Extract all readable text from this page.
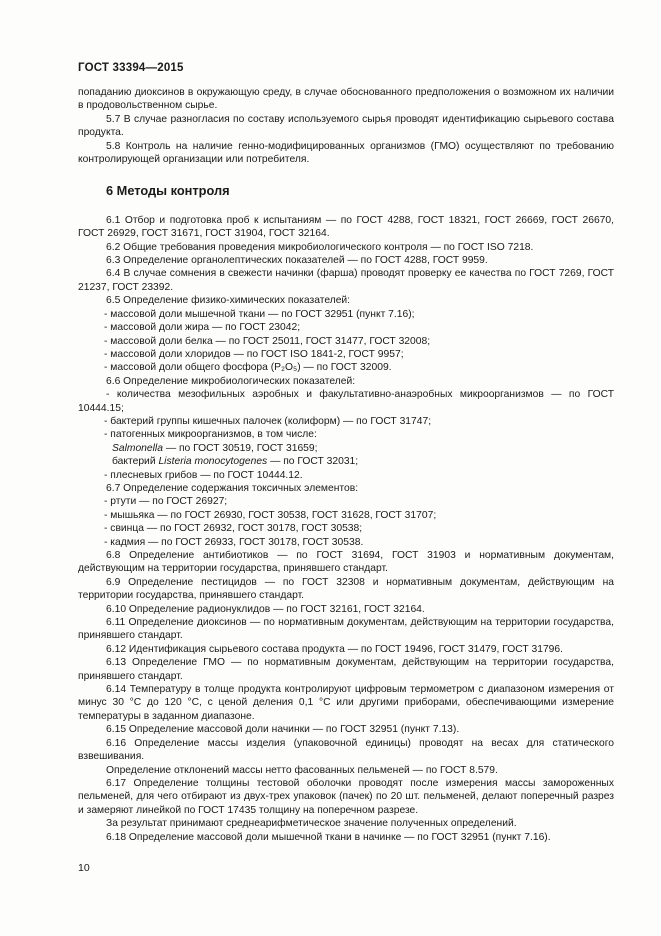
ГОСТ 33394—2015

попаданию диоксинов в окружающую среду, в случае обоснованного предположения о возможном их наличии в продовольственном сырье.

5.7 В случае разногласия по составу используемого сырья проводят идентификацию сырьевого состава продукта.

5.8 Контроль на наличие генно-модифицированных организмов (ГМО) осуществляют по требованию контролирующей организации или потребителя.

6 Методы контроля

6.1 Отбор и подготовка проб к испытаниям — по ГОСТ 4288, ГОСТ 18321, ГОСТ 26669, ГОСТ 26670, ГОСТ 26929, ГОСТ 31671, ГОСТ 31904, ГОСТ 32164.

6.2 Общие требования проведения микробиологического контроля — по ГОСТ ISO 7218.

6.3 Определение органолептических показателей — по ГОСТ 4288, ГОСТ 9959.

6.4 В случае сомнения в свежести начинки (фарша) проводят проверку ее качества по ГОСТ 7269, ГОСТ 21237, ГОСТ 23392.

6.5 Определение физико-химических показателей:

- массовой доли мышечной ткани — по ГОСТ 32951 (пункт 7.16);

- массовой доли жира — по ГОСТ 23042;

- массовой доли белка — по ГОСТ 25011, ГОСТ 31477, ГОСТ 32008;

- массовой доли хлоридов — по ГОСТ ISO 1841-2, ГОСТ 9957;

- массовой доли общего фосфора (P₂O₅) — по ГОСТ 32009.

6.6 Определение микробиологических показателей:

- количества мезофильных аэробных и факультативно-анаэробных микроорганизмов — по ГОСТ 10444.15;

- бактерий группы кишечных палочек (колиформ) — по ГОСТ 31747;

- патогенных микроорганизмов, в том числе:

Salmonella — по ГОСТ 30519, ГОСТ 31659;

бактерий Listeria monocytogenes — по ГОСТ 32031;

- плесневых грибов — по ГОСТ 10444.12.

6.7 Определение содержания токсичных элементов:

- ртути — по ГОСТ 26927;

- мышьяка — по ГОСТ 26930, ГОСТ 30538, ГОСТ 31628, ГОСТ 31707;

- свинца — по ГОСТ 26932, ГОСТ 30178, ГОСТ 30538;

- кадмия — по ГОСТ 26933, ГОСТ 30178, ГОСТ 30538.

6.8 Определение антибиотиков — по ГОСТ 31694, ГОСТ 31903 и нормативным документам, действующим на территории государства, принявшего стандарт.

6.9 Определение пестицидов — по ГОСТ 32308 и нормативным документам, действующим на территории государства, принявшего стандарт.

6.10 Определение радионуклидов — по ГОСТ 32161, ГОСТ 32164.

6.11 Определение диоксинов — по нормативным документам, действующим на территории государства, принявшего стандарт.

6.12 Идентификация сырьевого состава продукта — по ГОСТ 19496, ГОСТ 31479, ГОСТ 31796.

6.13 Определение ГМО — по нормативным документам, действующим на территории государства, принявшего стандарт.

6.14 Температуру в толще продукта контролируют цифровым термометром с диапазоном измерения от минус 30 °С до 120 °С, с ценой деления 0,1 °С или другими приборами, обеспечивающими измерение температуры в заданном диапазоне.

6.15 Определение массовой доли начинки — по ГОСТ 32951 (пункт 7.13).

6.16 Определение массы изделия (упаковочной единицы) проводят на весах для статического взвешивания.

Определение отклонений массы нетто фасованных пельменей — по ГОСТ 8.579.

6.17 Определение толщины тестовой оболочки проводят после измерения массы замороженных пельменей, для чего отбирают из двух-трех упаковок (пачек) по 20 шт. пельменей, делают поперечный разрез и замеряют линейкой по ГОСТ 17435 толщину на поперечном разрезе.

За результат принимают среднеарифметическое значение полученных определений.

6.18 Определение массовой доли мышечной ткани в начинке — по ГОСТ 32951 (пункт 7.16).

10
